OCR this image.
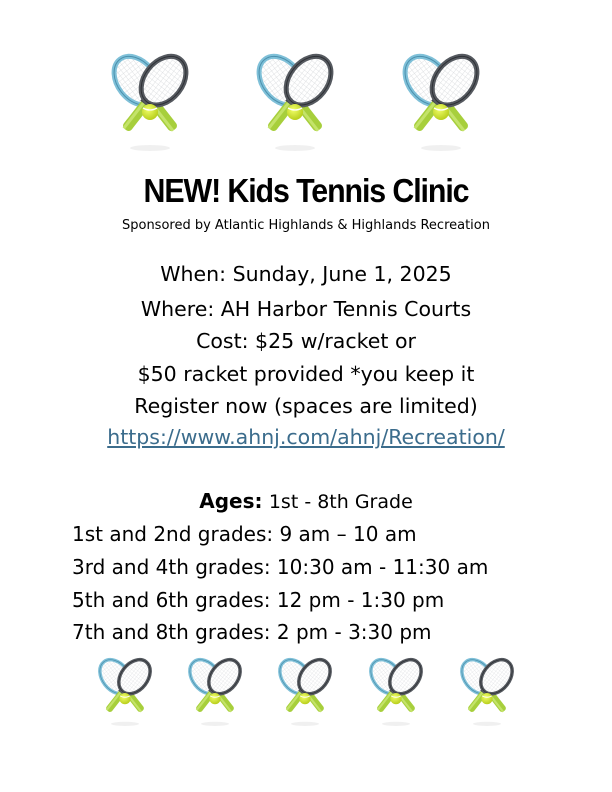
NEW! Kids Tennis Clinic
Sponsored by Atlantic Highlands & Highlands Recreation
When: Sunday, June 1, 2025
Where: AH Harbor Tennis Courts
Cost: $25 w/racket or
$50 racket provided *you keep it
Register now (spaces are limited)
https://www.ahnj.com/ahnj/Recreation/
Ages: 1st - 8th Grade
1st and 2nd grades: 9 am – 10 am
3rd and 4th grades: 10:30 am - 11:30 am
5th and 6th grades: 12 pm - 1:30 pm
7th and 8th grades: 2 pm - 3:30 pm
